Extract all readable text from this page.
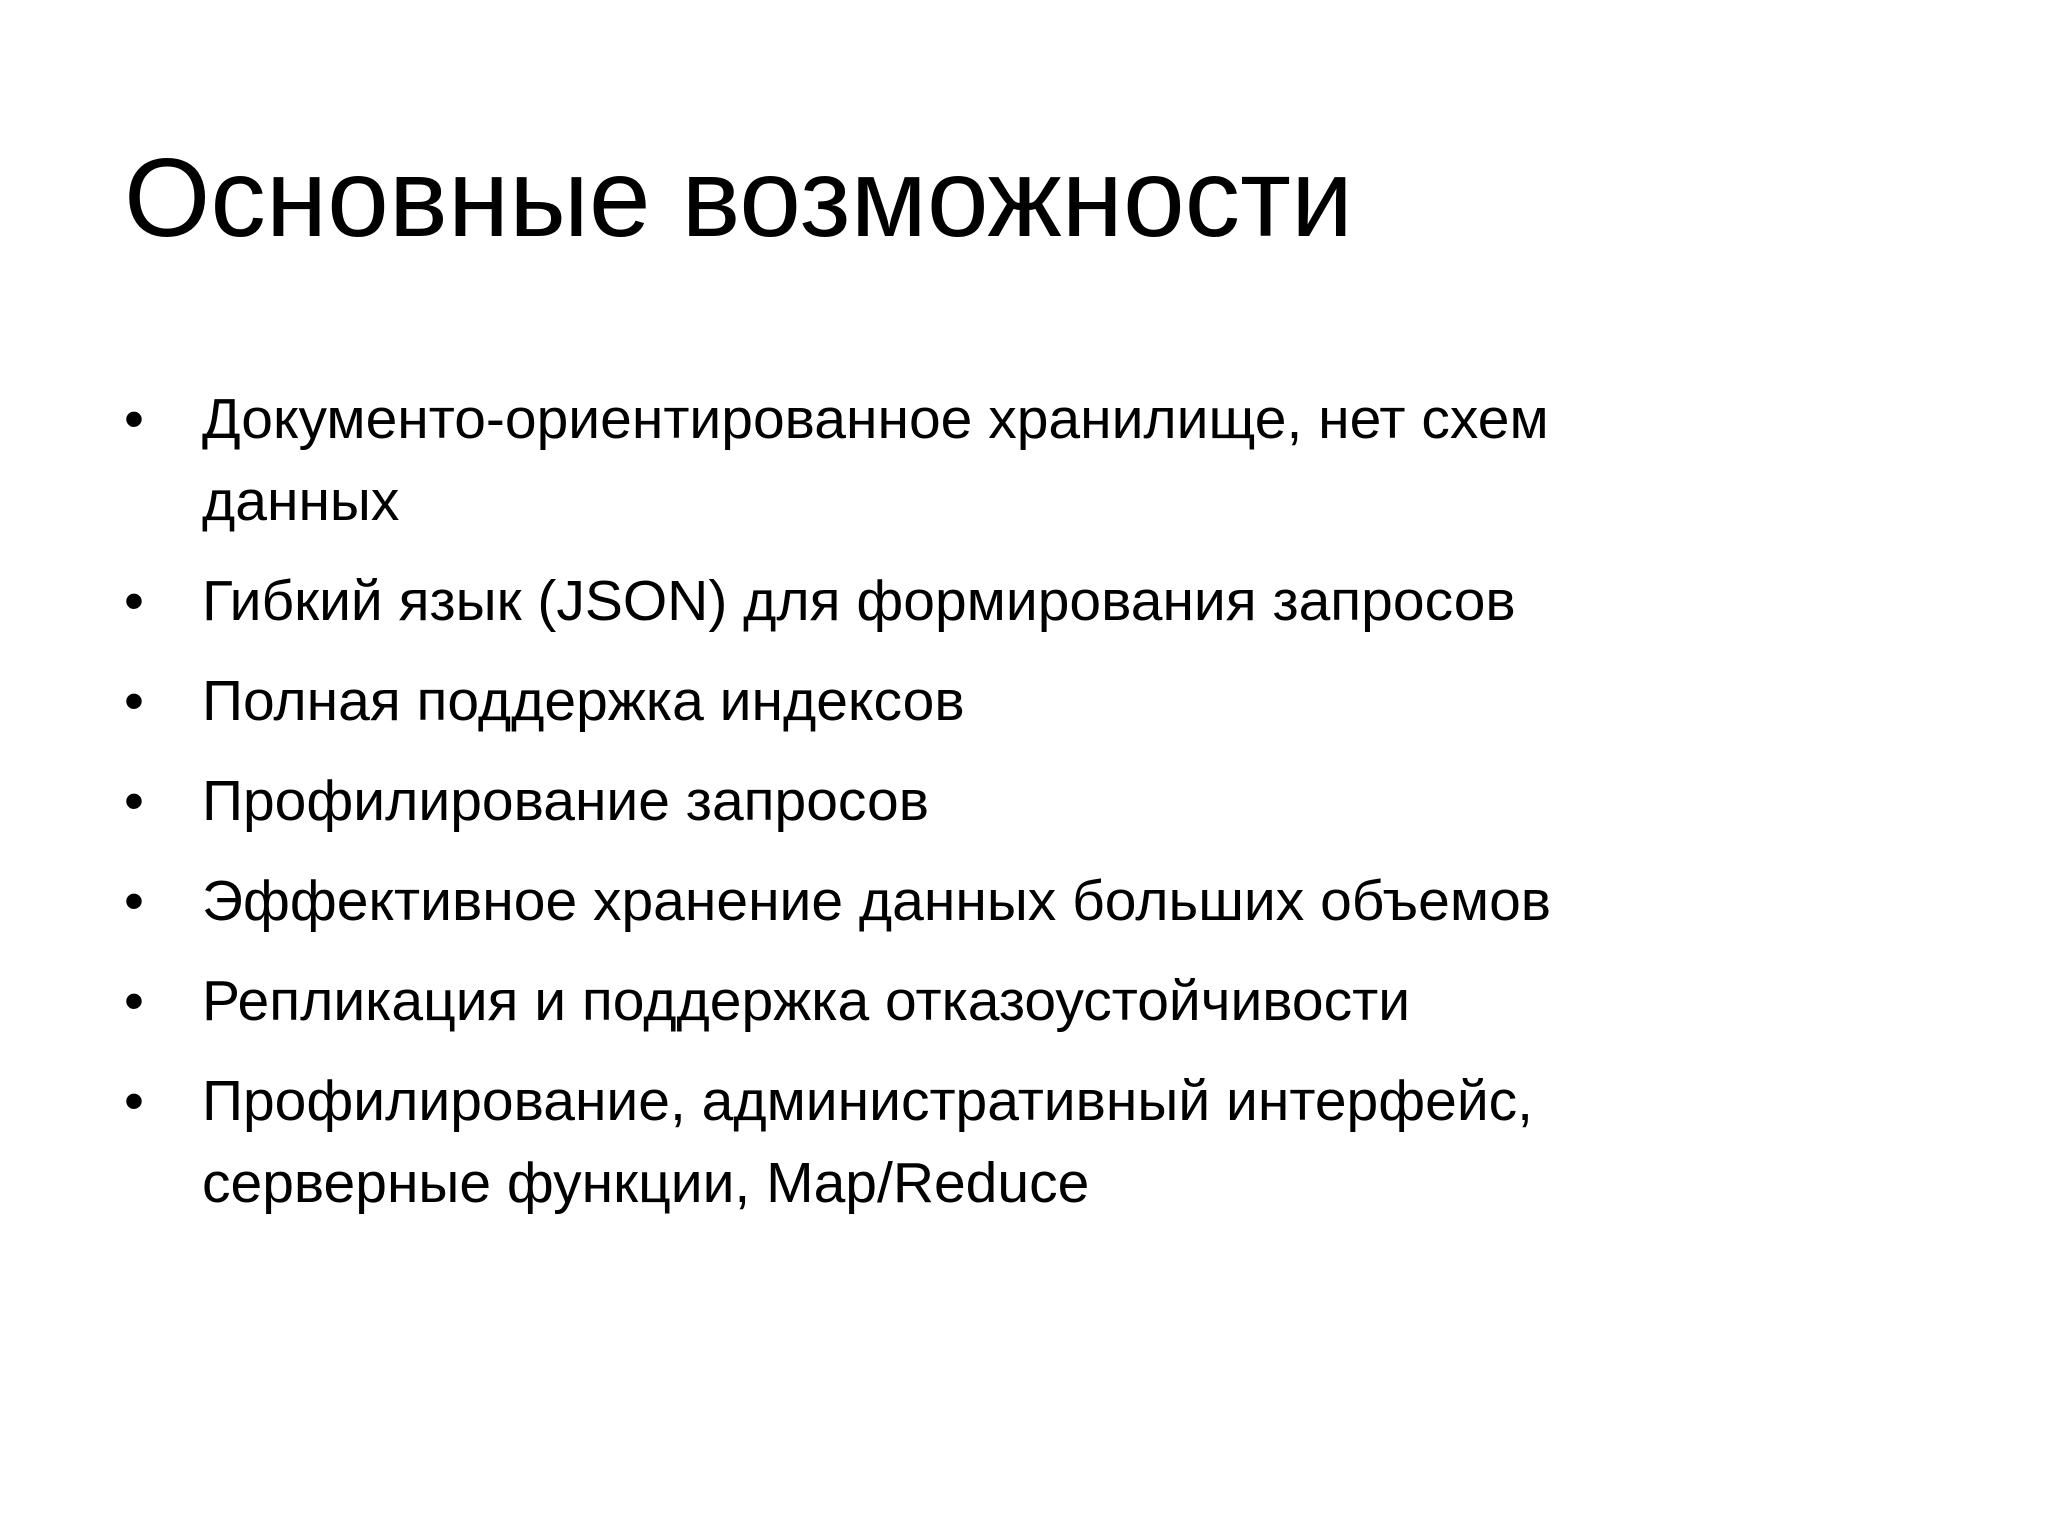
Основные возможности
•	Документо-ориентированное хранилище, нет схем данных
•	Гибкий язык (JSON) для формирования запросов
•	Полная поддержка индексов
•	Профилирование запросов
•	Эффективное хранение данных больших объемов
•	Репликация и поддержка отказоустойчивости
•	Профилирование, административный интерфейс, серверные функции, Map/Reduce
